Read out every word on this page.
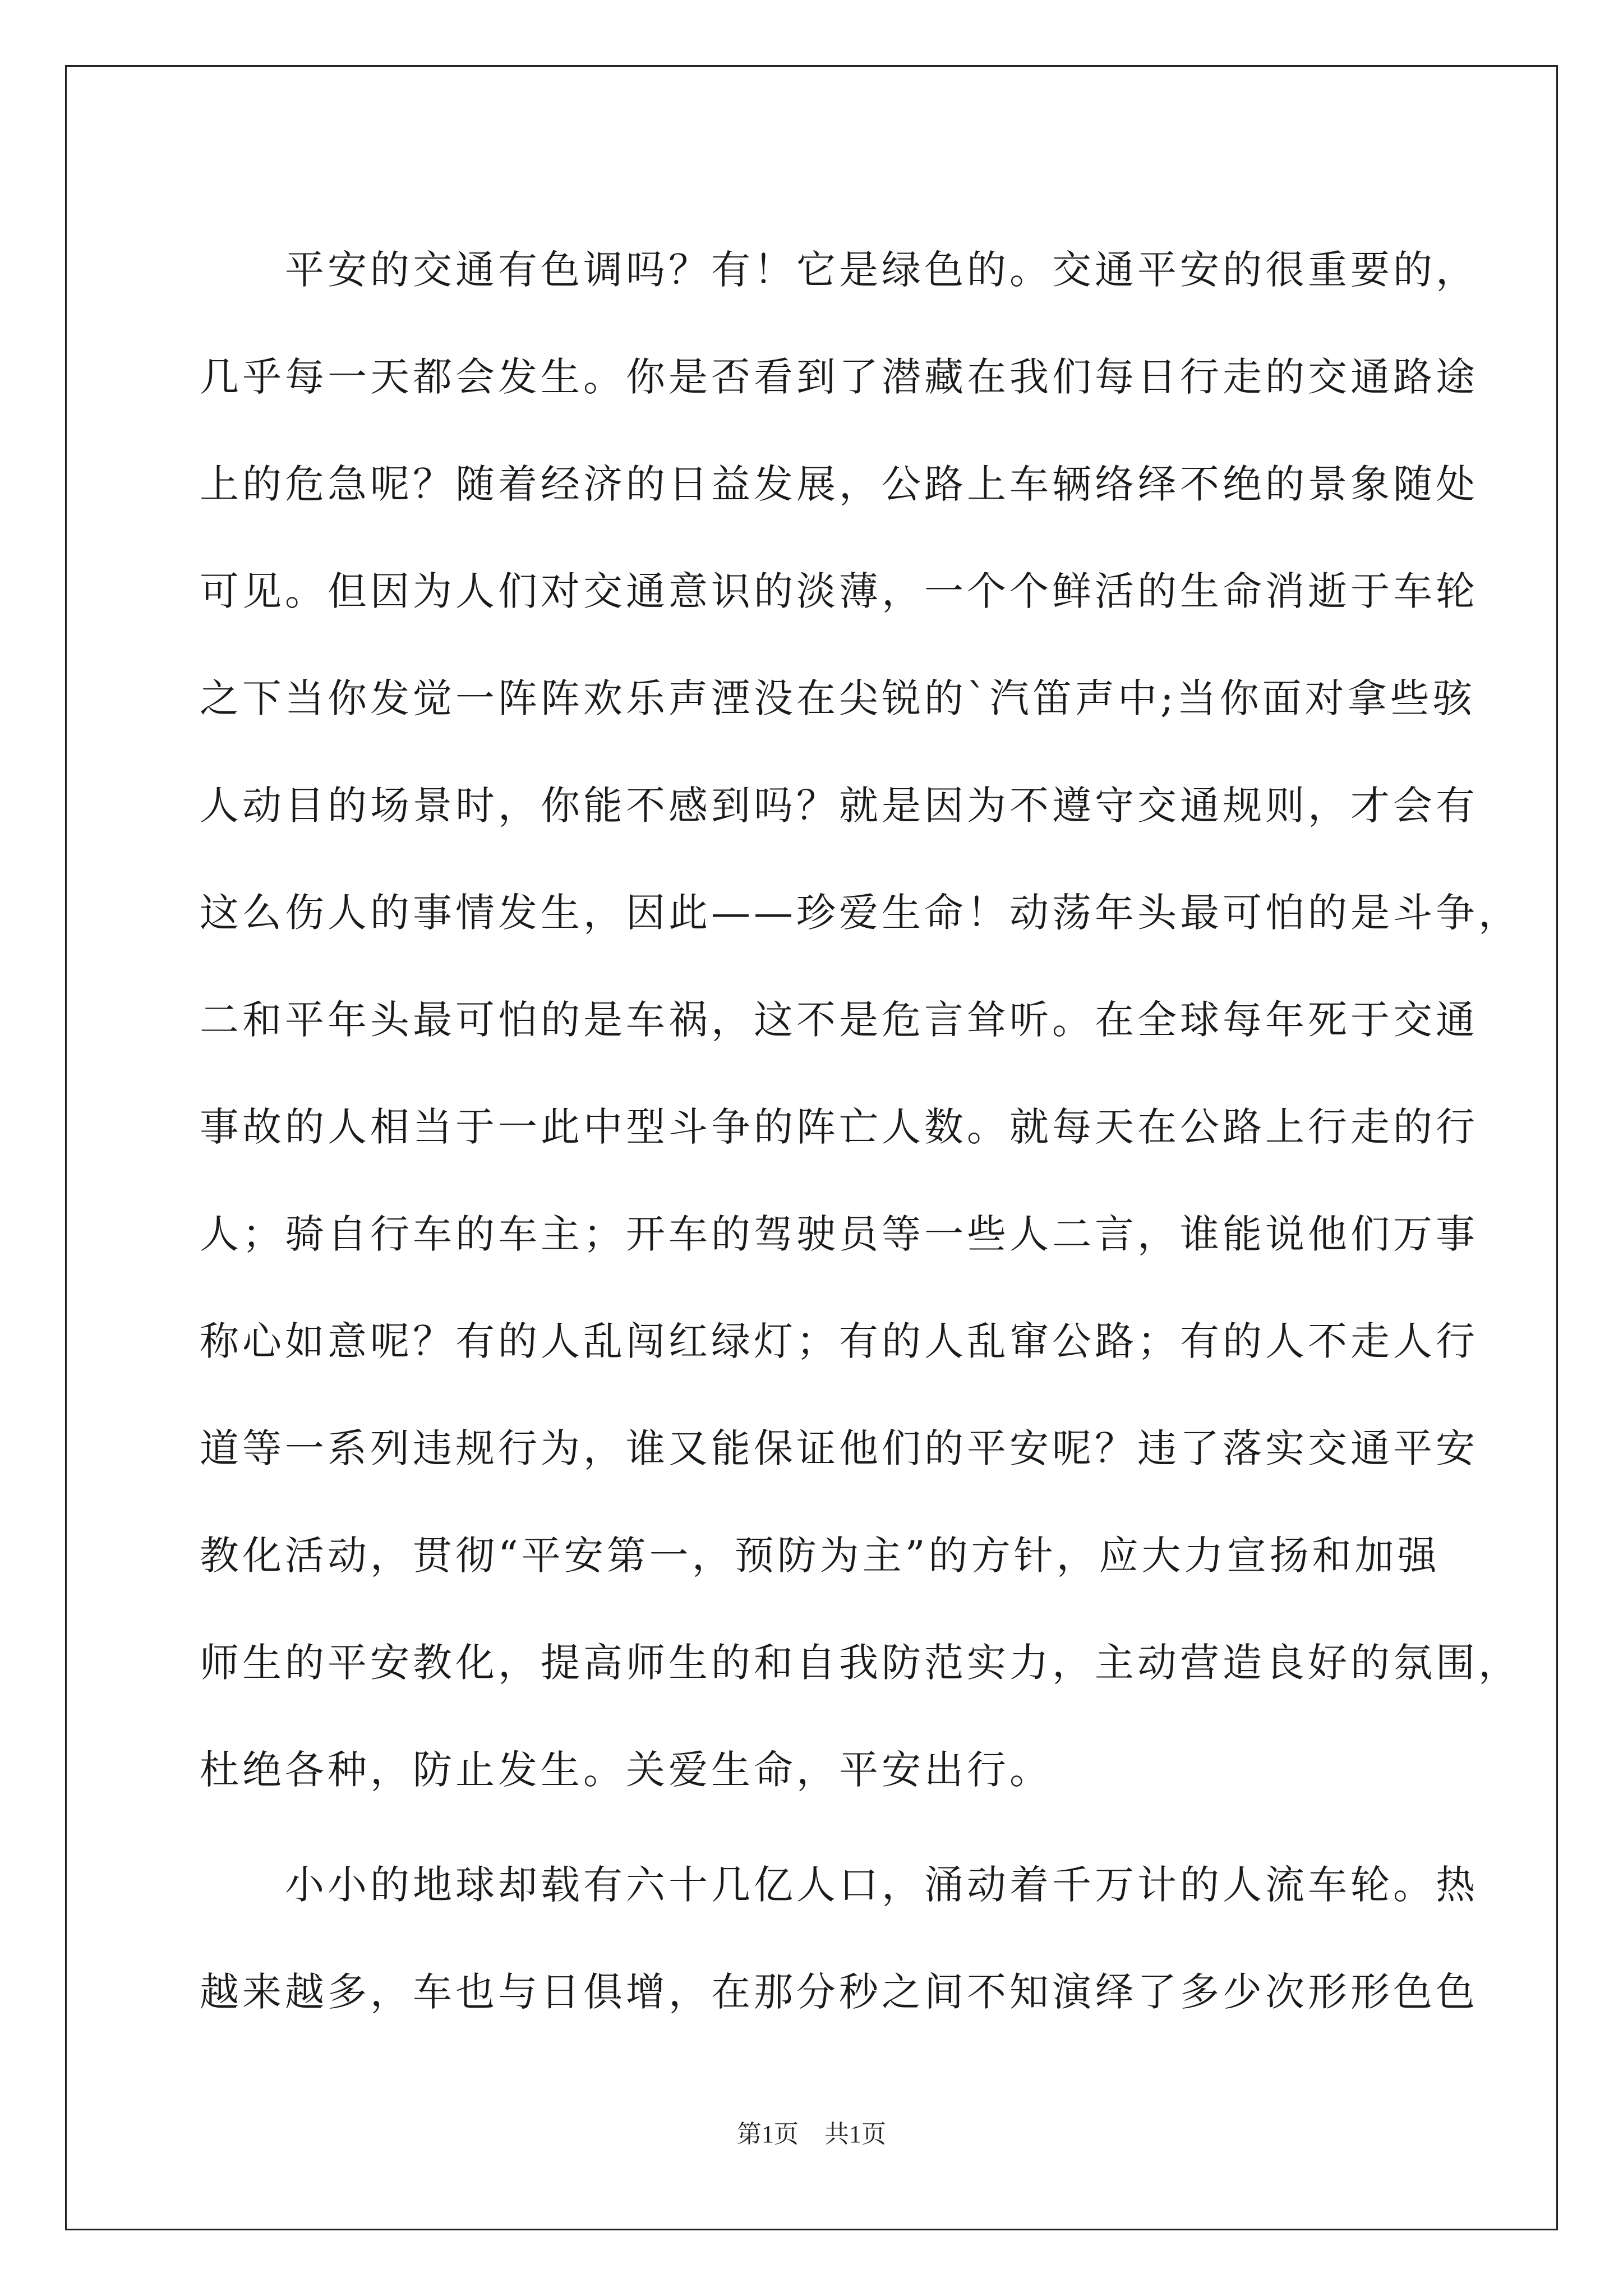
　　平安的交通有色调吗？有！它是绿色的。交通平安的很重要的，
几乎每一天都会发生。你是否看到了潜藏在我们每日行走的交通路途
上的危急呢？随着经济的日益发展，公路上车辆络绎不绝的景象随处
可见。但因为人们对交通意识的淡薄，一个个鲜活的生命消逝于车轮
之下当你发觉一阵阵欢乐声湮没在尖锐的`汽笛声中;当你面对拿些骇
人动目的场景时，你能不感到吗？就是因为不遵守交通规则，才会有
这么伤人的事情发生，因此——珍爱生命！动荡年头最可怕的是斗争，
二和平年头最可怕的是车祸，这不是危言耸听。在全球每年死于交通
事故的人相当于一此中型斗争的阵亡人数。就每天在公路上行走的行
人；骑自行车的车主；开车的驾驶员等一些人二言，谁能说他们万事
称心如意呢？有的人乱闯红绿灯；有的人乱窜公路；有的人不走人行
道等一系列违规行为，谁又能保证他们的平安呢？违了落实交通平安
教化活动，贯彻“平安第一，预防为主”的方针，应大力宣扬和加强
师生的平安教化，提高师生的和自我防范实力，主动营造良好的氛围，
杜绝各种，防止发生。关爱生命，平安出行。
　　小小的地球却载有六十几亿人口，涌动着千万计的人流车轮。热
越来越多，车也与日俱增，在那分秒之间不知演绎了多少次形形色色
第1页 共1页
